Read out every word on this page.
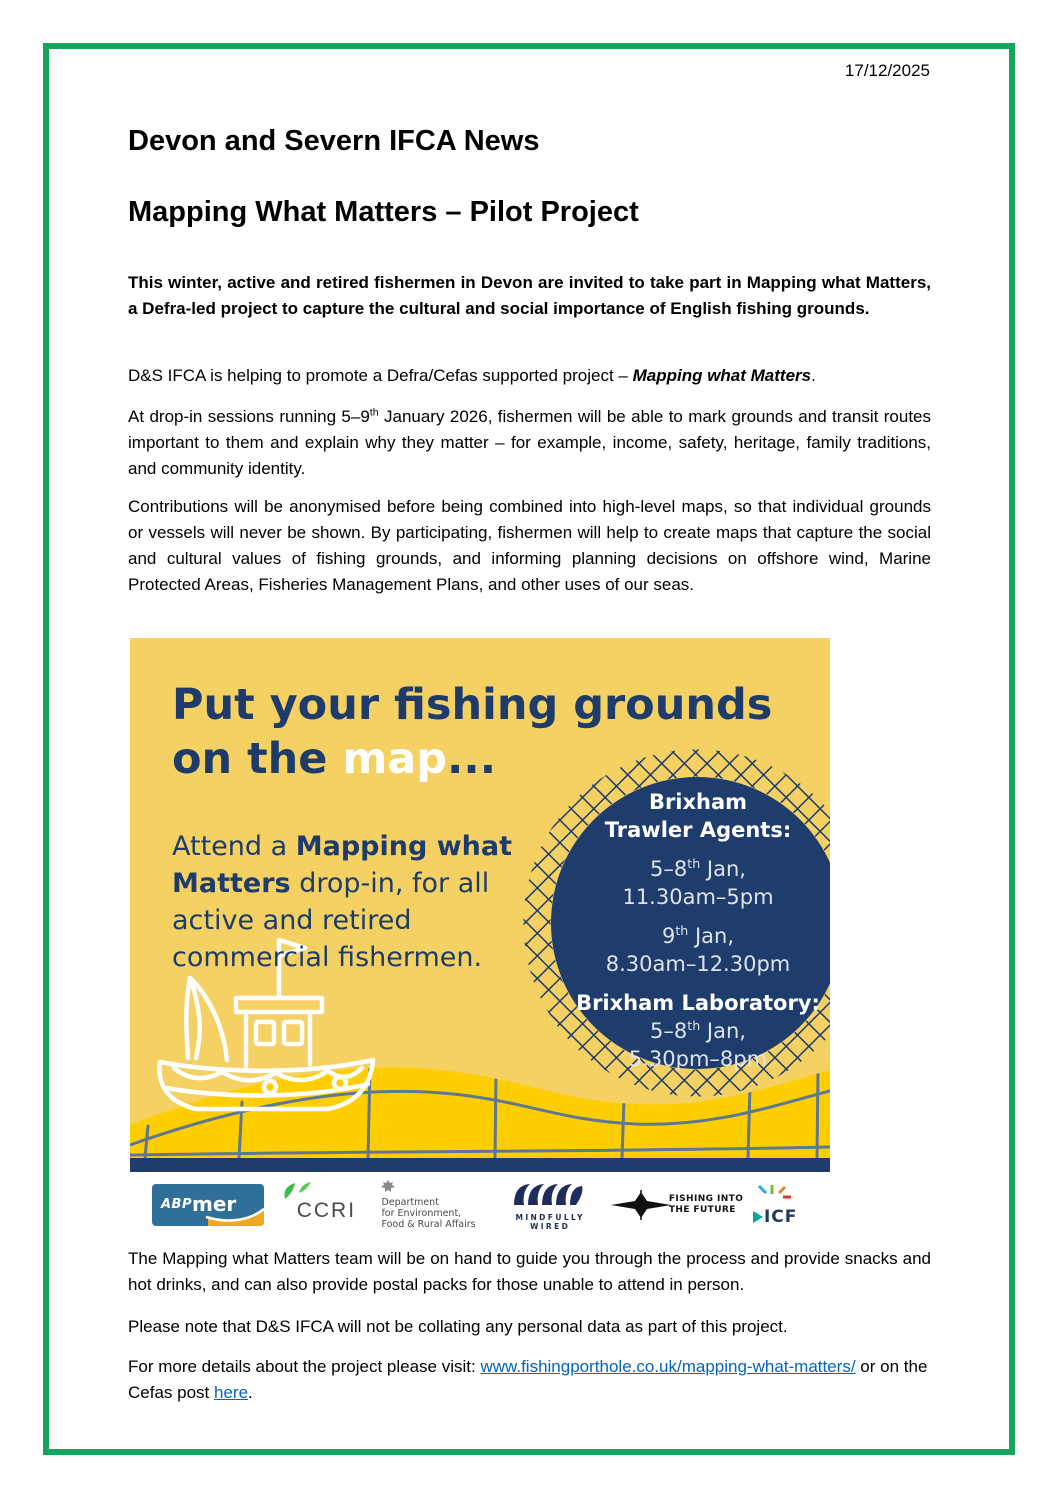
17/12/2025
Devon and Severn IFCA News
Mapping What Matters – Pilot Project

This winter, active and retired fishermen in Devon are invited to take part in Mapping what Matters, a Defra-led project to capture the cultural and social importance of English fishing grounds.

D&S IFCA is helping to promote a Defra/Cefas supported project – Mapping what Matters.

At drop-in sessions running 5–9th January 2026, fishermen will be able to mark grounds and transit routes important to them and explain why they matter – for example, income, safety, heritage, family traditions, and community identity.

Contributions will be anonymised before being combined into high-level maps, so that individual grounds or vessels will never be shown. By participating, fishermen will help to create maps that capture the social and cultural values of fishing grounds, and informing planning decisions on offshore wind, Marine Protected Areas, Fisheries Management Plans, and other uses of our seas.

Put your fishing grounds
on the map...
Attend a Mapping what Matters drop-in, for all active and retired commercial fishermen.
Brixham
Trawler Agents:
5–8th Jan,
11.30am–5pm
9th Jan,
8.30am–12.30pm
Brixham Laboratory:
5–8th Jan,
5.30pm–8pm
ABP mer	CCRI	Department
for Environment,
Food & Rural Affairs
MINDFULLY WIRED
FISHING INTO
THE FUTURE	ICF

The Mapping what Matters team will be on hand to guide you through the process and provide snacks and hot drinks, and can also provide postal packs for those unable to attend in person.

Please note that D&S IFCA will not be collating any personal data as part of this project.

For more details about the project please visit: www.fishingporthole.co.uk/mapping-what-matters/ or on the Cefas post here.
